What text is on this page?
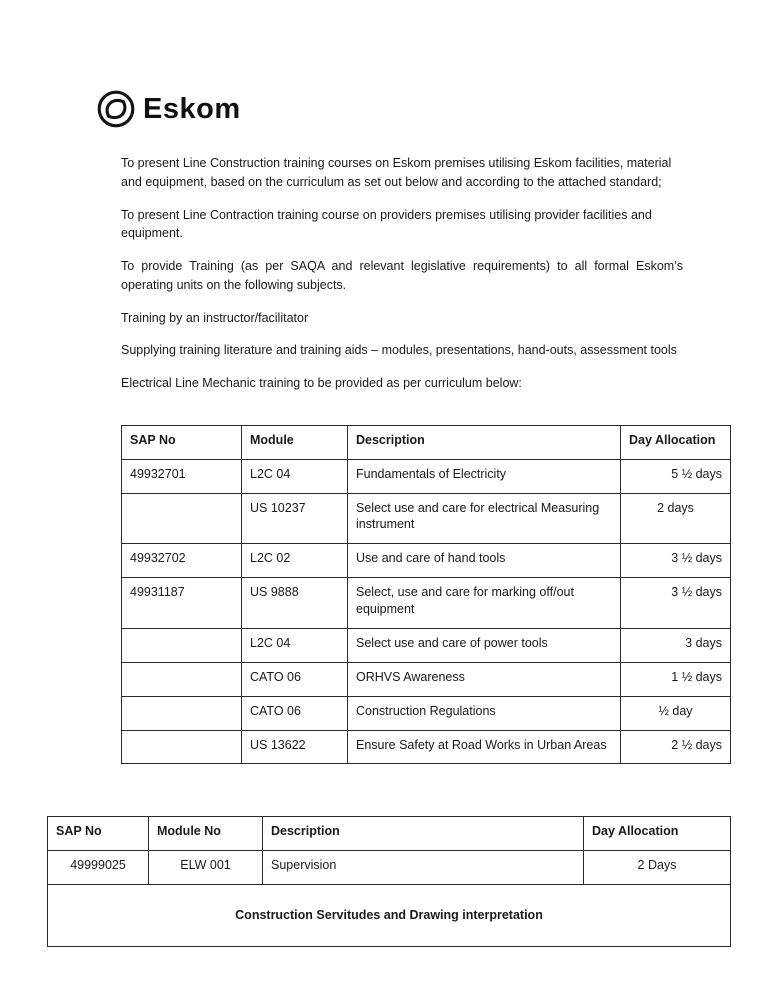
Eskom

To present Line Construction training courses on Eskom premises utilising Eskom facilities, material and equipment, based on the curriculum as set out below and according to the attached standard;

To present Line Contraction training course on providers premises utilising provider facilities and equipment.

To provide Training (as per SAQA and relevant legislative requirements) to all formal Eskom’s operating units on the following subjects.

Training by an instructor/facilitator

Supplying training literature and training aids – modules, presentations, hand-outs, assessment tools

Electrical Line Mechanic training to be provided as per curriculum below:

SAP No	Module	Description	Day Allocation
49932701	L2C 04	Fundamentals of Electricity	5 ½ days
	US 10237	Select use and care for electrical Measuring instrument	2 days
49932702	L2C 02	Use and care of hand tools	3 ½ days
49931187	US 9888	Select, use and care for marking off/out equipment	3 ½ days
	L2C 04	Select use and care of power tools	3 days
	CATO 06	ORHVS Awareness	1 ½ days
	CATO 06	Construction Regulations	½ day
	US 13622	Ensure Safety at Road Works in Urban Areas	2 ½ days
SAP No	Module No	Description	Day Allocation
49999025	ELW 001	Supervision	2 Days
Construction Servitudes and Drawing interpretation			
